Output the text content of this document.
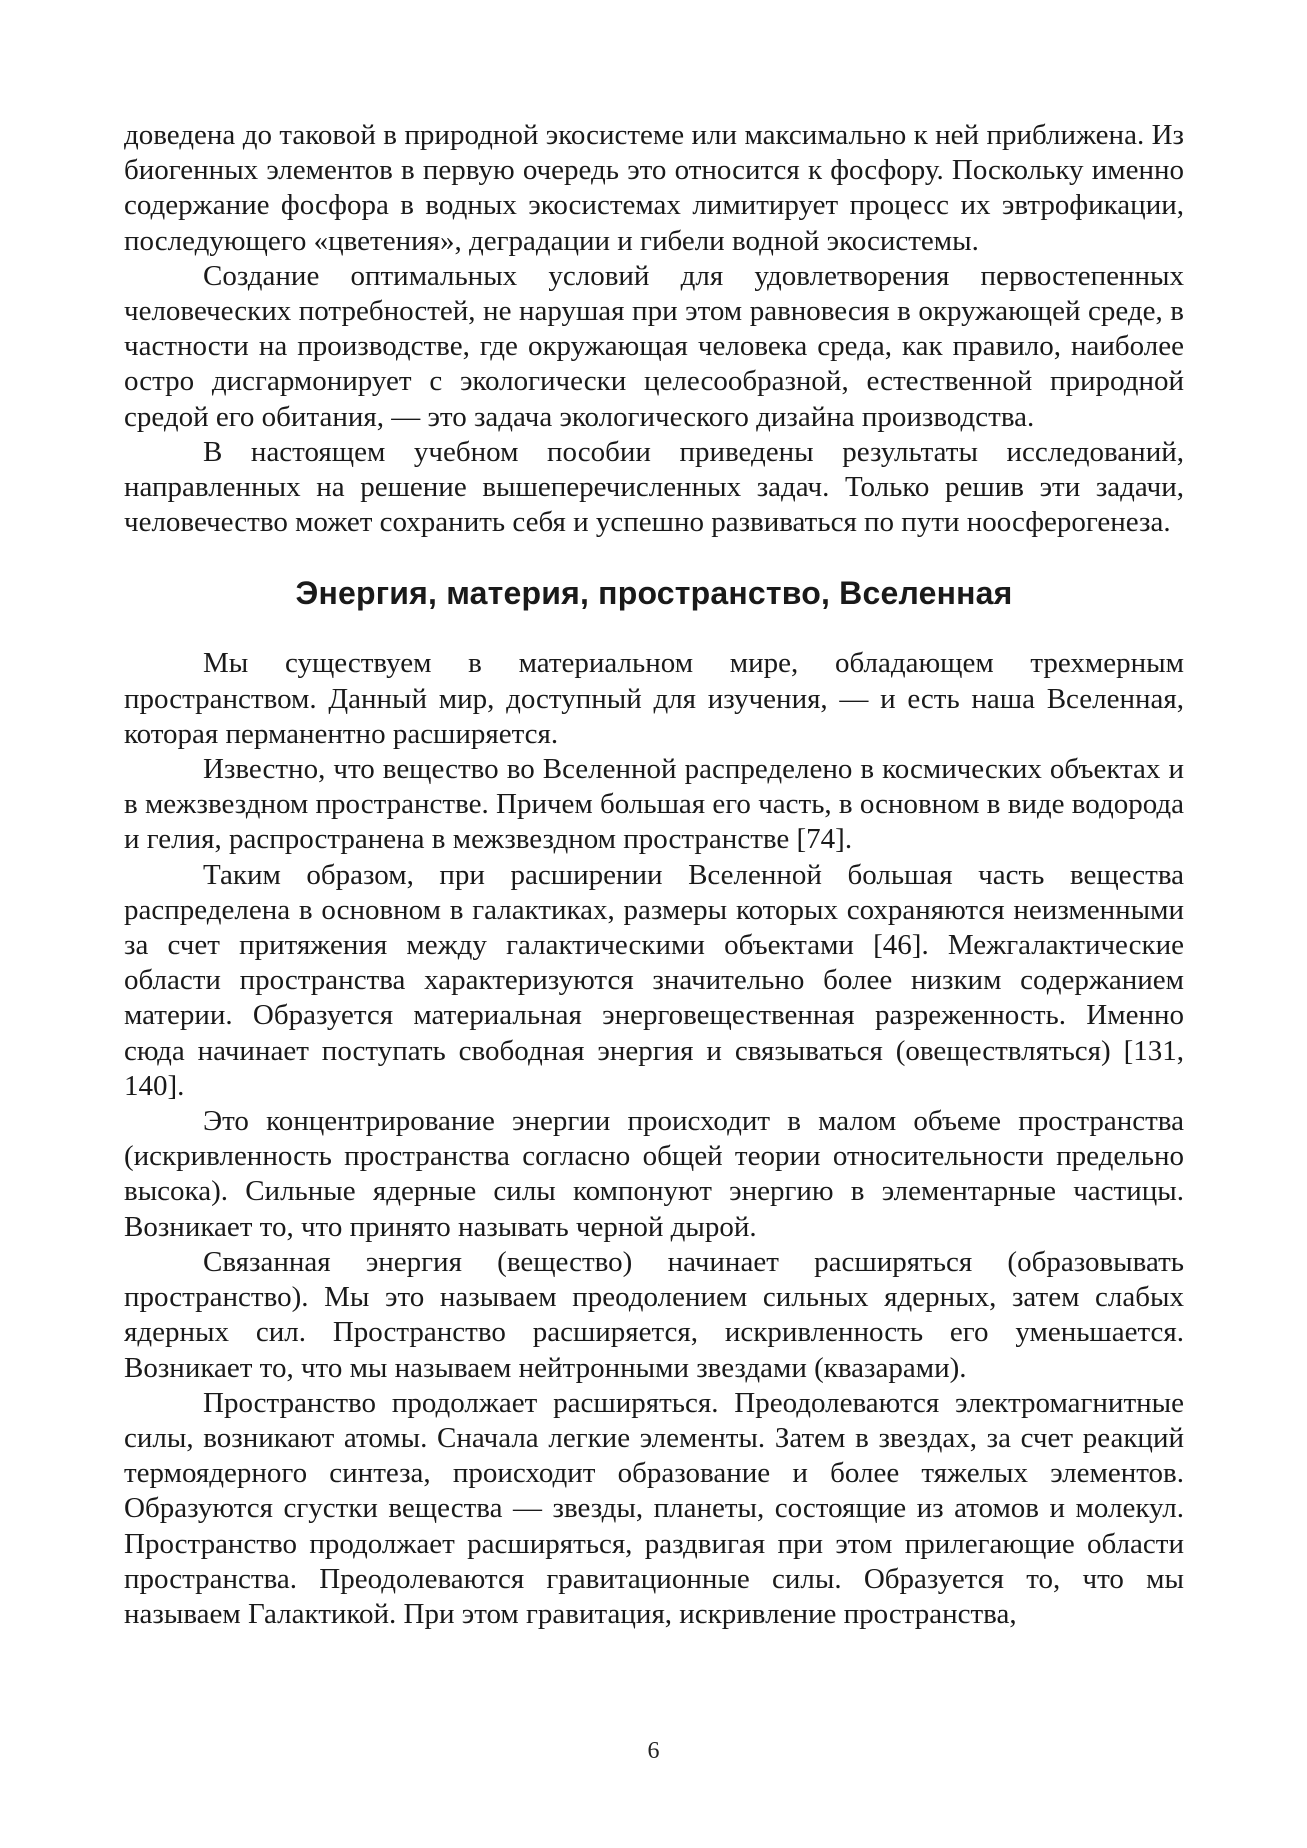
доведена до таковой в природной экосистеме или максимально к ней приближена. Из биогенных элементов в первую очередь это относится к фосфору. Поскольку именно содержание фосфора в водных экосистемах лимитирует процесс их эвтрофикации, последующего «цветения», деградации и гибели водной экосистемы.

Создание оптимальных условий для удовлетворения первостепенных человеческих потребностей, не нарушая при этом равновесия в окружающей среде, в частности на производстве, где окружающая человека среда, как правило, наиболее остро дисгармонирует с экологически целесообразной, естественной природной средой его обитания, — это задача экологического дизайна производства.

В настоящем учебном пособии приведены результаты исследований, направленных на решение вышеперечисленных задач. Только решив эти задачи, человечество может сохранить себя и успешно развиваться по пути ноосферогенеза.

Энергия, материя, пространство, Вселенная

Мы существуем в материальном мире, обладающем трехмерным пространством. Данный мир, доступный для изучения, — и есть наша Вселенная, которая перманентно расширяется.

Известно, что вещество во Вселенной распределено в космических объектах и в межзвездном пространстве. Причем большая его часть, в основном в виде водорода и гелия, распространена в межзвездном пространстве [74].

Таким образом, при расширении Вселенной большая часть вещества распределена в основном в галактиках, размеры которых сохраняются неизменными за счет притяжения между галактическими объектами [46]. Межгалактические области пространства характеризуются значительно более низким содержанием материи. Образуется материальная энерговещественная разреженность. Именно сюда начинает поступать свободная энергия и связываться (овеществляться) [131, 140].

Это концентрирование энергии происходит в малом объеме пространства (искривленность пространства согласно общей теории относительности предельно высока). Сильные ядерные силы компонуют энергию в элементарные частицы. Возникает то, что принято называть черной дырой.

Связанная энергия (вещество) начинает расширяться (образовывать пространство). Мы это называем преодолением сильных ядерных, затем слабых ядерных сил. Пространство расширяется, искривленность его уменьшается. Возникает то, что мы называем нейтронными звездами (квазарами).

Пространство продолжает расширяться. Преодолеваются электромагнитные силы, возникают атомы. Сначала легкие элементы. Затем в звездах, за счет реакций термоядерного синтеза, происходит образование и более тяжелых элементов. Образуются сгустки вещества — звезды, планеты, состоящие из атомов и молекул. Пространство продолжает расширяться, раздвигая при этом прилегающие области пространства. Преодолеваются гравитационные силы. Образуется то, что мы называем Галактикой. При этом гравитация, искривление пространства,

6
